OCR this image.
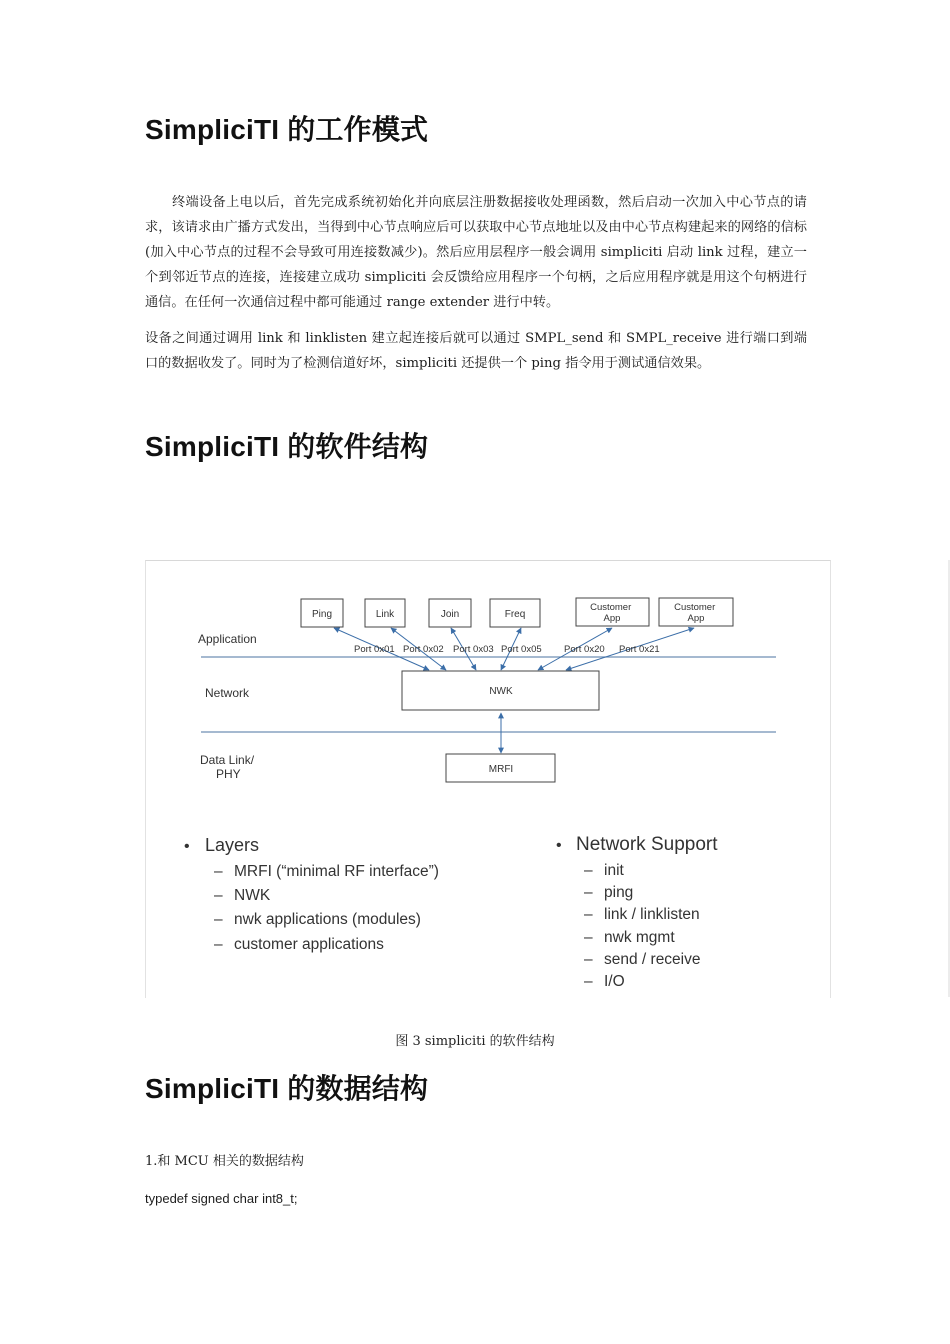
SimpliciTI 的工作模式

终端设备上电以后，首先完成系统初始化并向底层注册数据接收处理函数，然后启动一次加入中心节点的请求，该请求由广播方式发出，当得到中心节点响应后可以获取中心节点地址以及由中心节点构建起来的网络的信标(加入中心节点的过程不会导致可用连接数减少)。然后应用层程序一般会调用 simpliciti 启动 link 过程，建立一个到邻近节点的连接，连接建立成功 simpliciti 会反馈给应用程序一个句柄，之后应用程序就是用这个句柄进行通信。在任何一次通信过程中都可能通过 range extender 进行中转。

设备之间通过调用 link 和 linklisten 建立起连接后就可以通过 SMPL_send 和 SMPL_receive 进行端口到端口的数据收发了。同时为了检测信道好坏，simpliciti 还提供一个 ping 指令用于测试通信效果。

SimpliciTI 的软件结构
Ping	Link	Join	Freq
Customer App
Customer App
Port 0x01 Port 0x02 Port 0x03 Port 0x05 Port 0x20 Port 0x21
Application
Network
Data Link/
PHY
NWK
MRFI
• Layers
– MRFI (“minimal RF interface”)
– NWK
– nwk applications (modules)
– customer applications
• Network Support
– init
– ping
– link / linklisten
– nwk mgmt
– send / receive
– I/O
图 3 simpliciti 的软件结构
SimpliciTI 的数据结构
1.和 MCU 相关的数据结构
typedef signed char int8_t;
